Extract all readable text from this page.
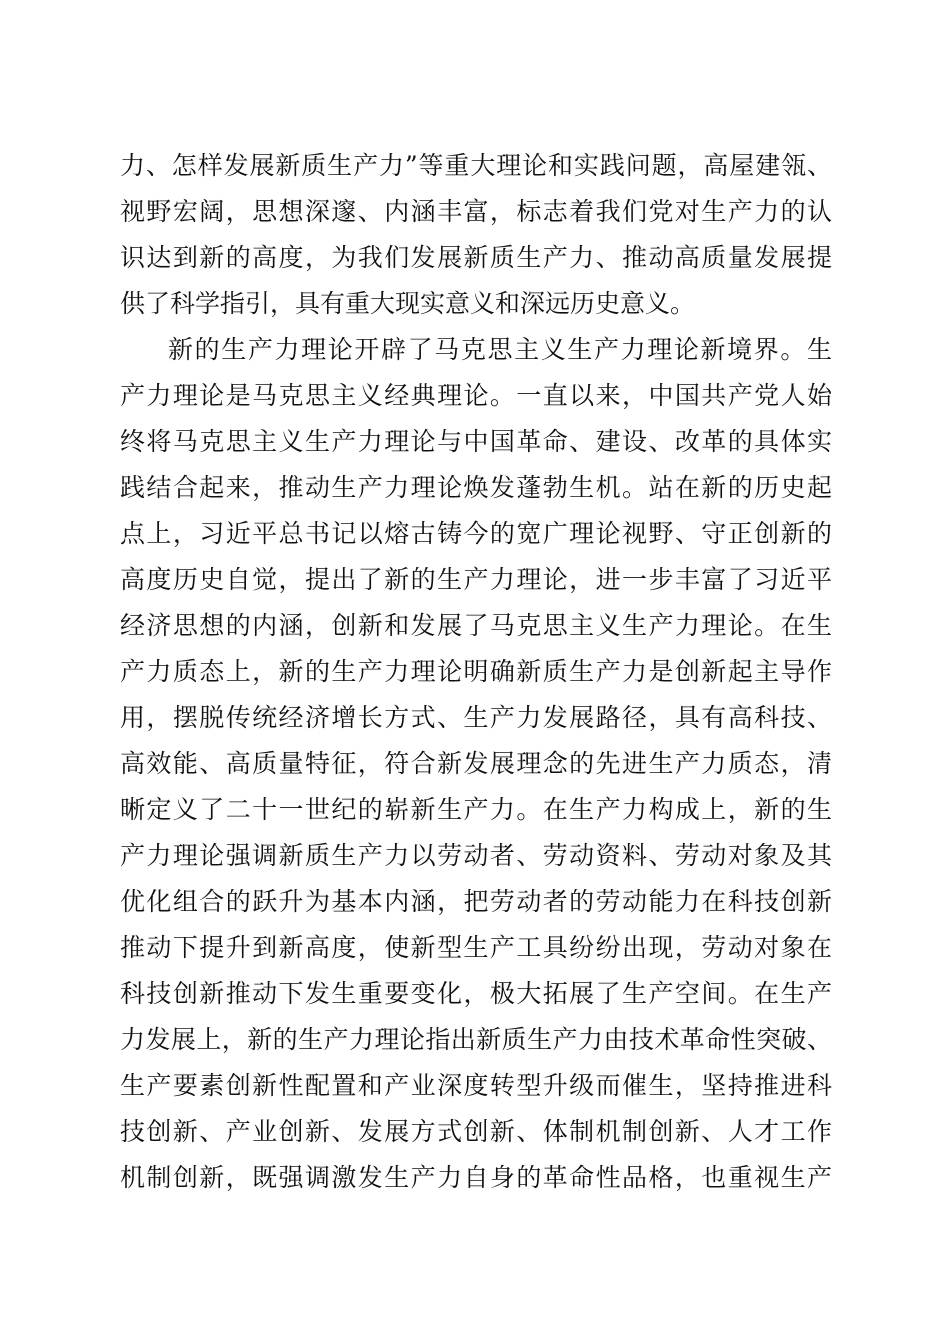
力、怎样发展新质生产力”等重大理论和实践问题，高屋建瓴、
视野宏阔，思想深邃、内涵丰富，标志着我们党对生产力的认
识达到新的高度，为我们发展新质生产力、推动高质量发展提
供了科学指引，具有重大现实意义和深远历史意义。
新的生产力理论开辟了马克思主义生产力理论新境界。生
产力理论是马克思主义经典理论。一直以来，中国共产党人始
终将马克思主义生产力理论与中国革命、建设、改革的具体实
践结合起来，推动生产力理论焕发蓬勃生机。站在新的历史起
点上，习近平总书记以熔古铸今的宽广理论视野、守正创新的
高度历史自觉，提出了新的生产力理论，进一步丰富了习近平
经济思想的内涵，创新和发展了马克思主义生产力理论。在生
产力质态上，新的生产力理论明确新质生产力是创新起主导作
用，摆脱传统经济增长方式、生产力发展路径，具有高科技、
高效能、高质量特征，符合新发展理念的先进生产力质态，清
晰定义了二十一世纪的崭新生产力。在生产力构成上，新的生
产力理论强调新质生产力以劳动者、劳动资料、劳动对象及其
优化组合的跃升为基本内涵，把劳动者的劳动能力在科技创新
推动下提升到新高度，使新型生产工具纷纷出现，劳动对象在
科技创新推动下发生重要变化，极大拓展了生产空间。在生产
力发展上，新的生产力理论指出新质生产力由技术革命性突破、
生产要素创新性配置和产业深度转型升级而催生，坚持推进科
技创新、产业创新、发展方式创新、体制机制创新、人才工作
机制创新，既强调激发生产力自身的革命性品格，也重视生产
